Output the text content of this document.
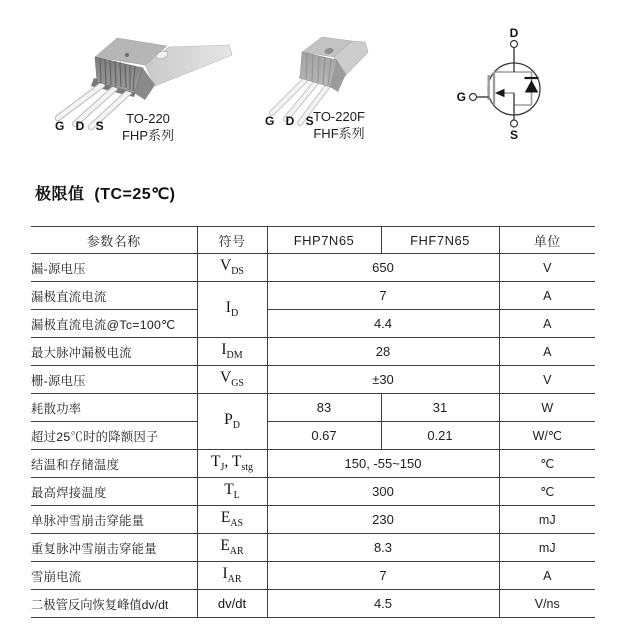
D
G
S
G D S	TO-220
FHP系列
G D S
TO-220F
FHF系列
极限值  (TC=25℃)
参数名称	符号	FHP7N65	FHF7N65	单位
漏-源电压	$V_{DS}$	650		V
漏极直流电流	$I_D$	7		A
漏极直流电流@Tc=100℃		4.4		A
最大脉冲漏极电流	$I_{DM}$	28		A
栅-源电压	$V_{GS}$	±30		V
耗散功率	$P_D$	83	31	W
超过25℃时的降额因子		0.67	0.21	W/℃
结温和存储温度	$T_J$, $T_{stg}$	150, -55~150		℃
最高焊接温度	$T_L$	300		℃
单脉冲雪崩击穿能量	$E_{AS}$	230		mJ
重复脉冲雪崩击穿能量	$E_{AR}$	8.3		mJ
雪崩电流	$I_{AR}$	7		A
二极管反向恢复峰值dv/dt	dv/dt	4.5		V/ns
